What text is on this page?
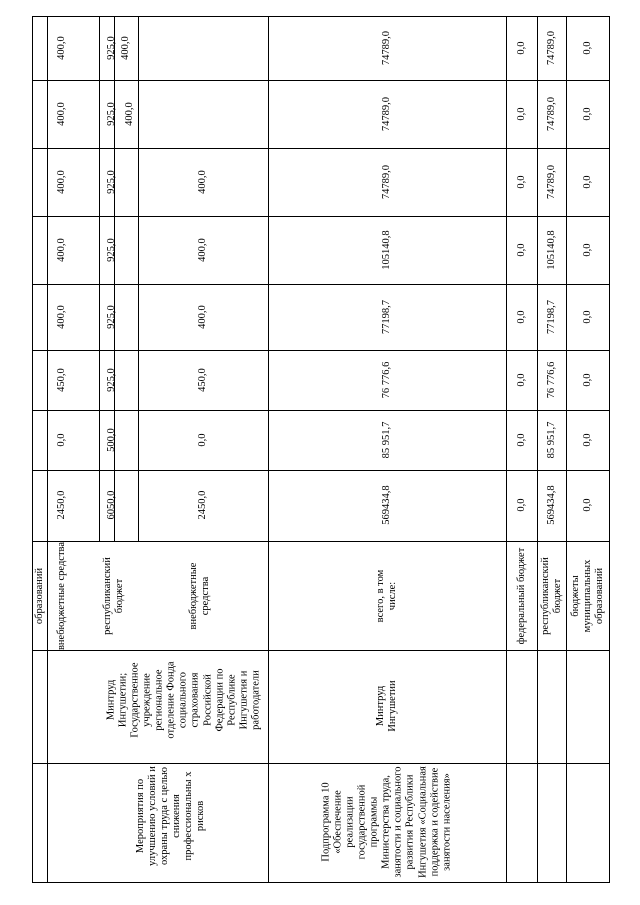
образований внебюджетные средства
2450,0
0,0
450,0
400,0
400,0
400,0
400,0
400,0
Мероприятия по улучшению условий и охраны труда с целью снижения профессиональны х рисков
Минтруд Ингушетии; Государственное учреждение региональное отделение Фонда социального страхования Российской Федерации по Республике Ингушетия и работодатели
республиканский бюджет	внебюджетные средства
6050,0
500,0
925,0
925,0
925,0
925,0
925,0
925,0
2450,0
0,0
450,0
400,0
400,0
400,0
400,0
400,0
Подпрограмма 10 «Обеспечение реализации государственной программы Министерства труда, занятости и социального развития Республики Ингушетия «Социальная поддержка и содействие занятости населения»
Минтруд Ингушетии
всего, в том числе:
569434,8
85 951,7
76 776,6
77198,7
105140,8
74789,0
74789,0
74789,0
федеральный бюджет
0,0
0,0
0,0
0,0
0,0
0,0
0,0
0,0
республиканский бюджет
569434,8
85 951,7
76 776,6
77198,7
105140,8
74789,0
74789,0
74789,0
бюджеты муниципальных образований
0,0
0,0
0,0
0,0
0,0
0,0
0,0
0,0
